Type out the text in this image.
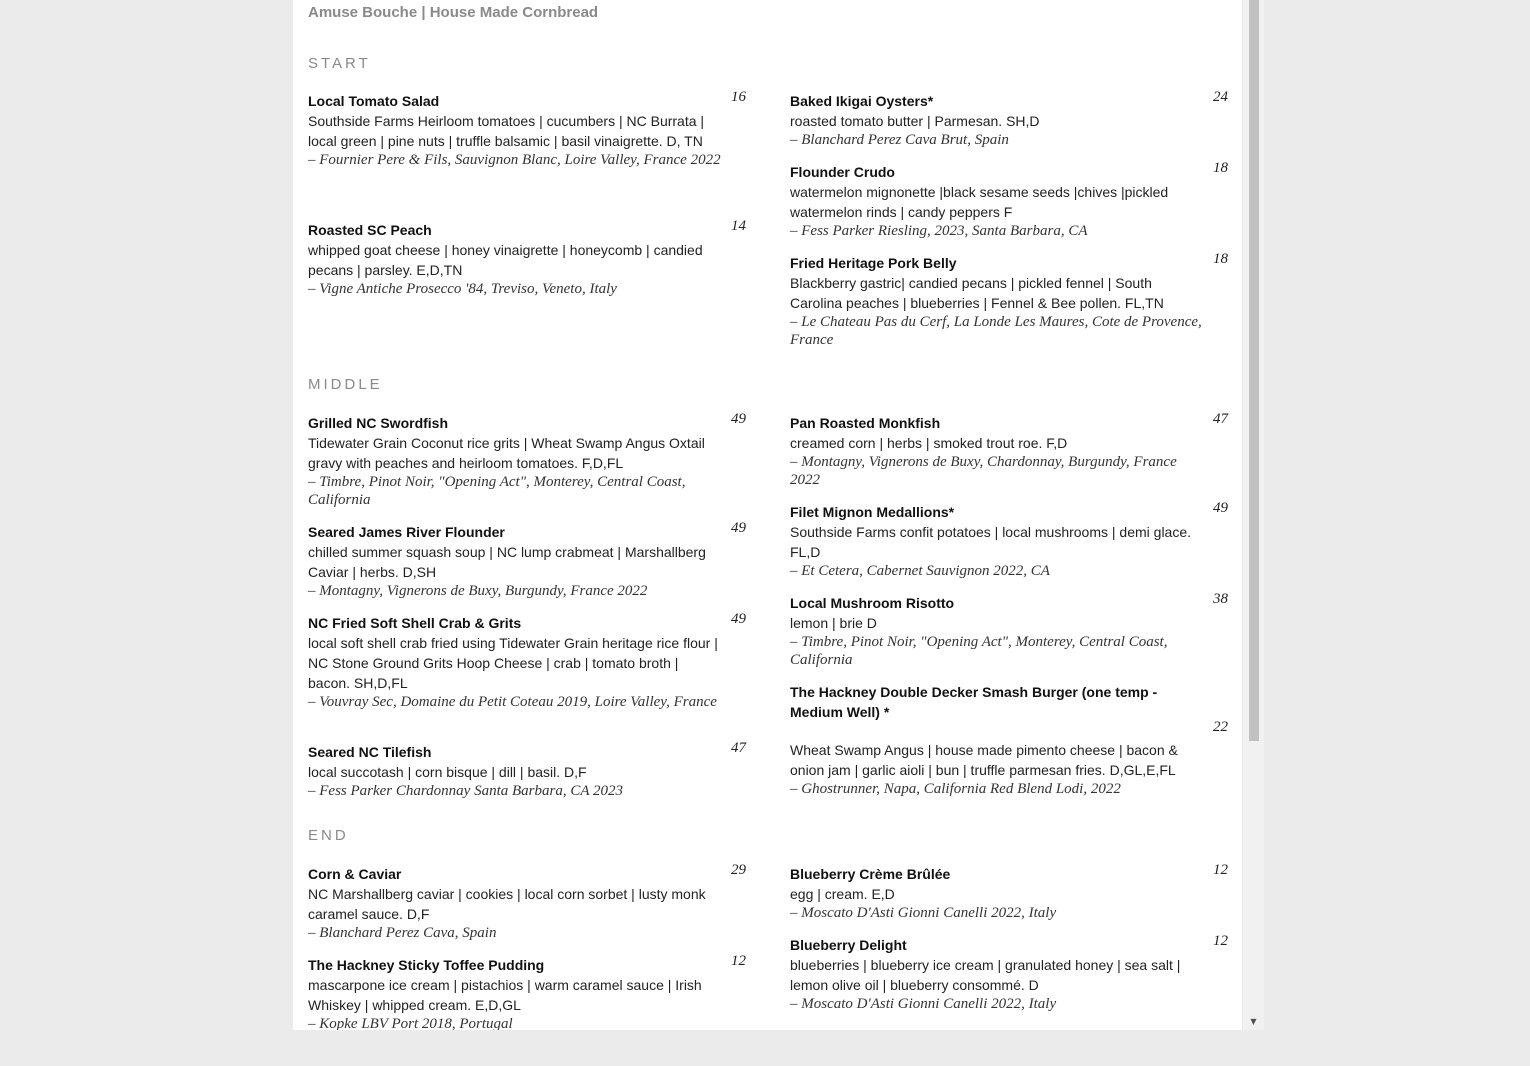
Amuse Bouche | House Made Cornbread
START
Local Tomato Salad
Southside Farms Heirloom tomatoes | cucumbers | NC Burrata | local green | pine nuts | truffle balsamic | basil vinaigrette. D, TN
– Fournier Pere & Fils, Sauvignon Blanc, Loire Valley, France 2022
16
Roasted SC Peach
whipped goat cheese | honey vinaigrette | honeycomb | candied pecans | parsley. E,D,TN
– Vigne Antiche Prosecco '84, Treviso, Veneto, Italy
14
Baked Ikigai Oysters*
roasted tomato butter | Parmesan. SH,D
– Blanchard Perez Cava Brut, Spain
24
Flounder Crudo
watermelon mignonette |black sesame seeds |chives |pickled watermelon rinds | candy peppers F
– Fess Parker Riesling, 2023, Santa Barbara, CA
18
Fried Heritage Pork Belly
Blackberry gastric| candied pecans | pickled fennel | South Carolina peaches | blueberries | Fennel & Bee pollen. FL,TN
– Le Chateau Pas du Cerf, La Londe Les Maures, Cote de Provence, France
18
MIDDLE
Grilled NC Swordfish
Tidewater Grain Coconut rice grits | Wheat Swamp Angus Oxtail gravy with peaches and heirloom tomatoes. F,D,FL
– Timbre, Pinot Noir, "Opening Act", Monterey, Central Coast, California
49
Seared James River Flounder
chilled summer squash soup | NC lump crabmeat | Marshallberg Caviar | herbs. D,SH
– Montagny, Vignerons de Buxy, Burgundy, France 2022
49
NC Fried Soft Shell Crab & Grits
local soft shell crab fried using Tidewater Grain heritage rice flour | NC Stone Ground Grits Hoop Cheese | crab | tomato broth | bacon. SH,D,FL
– Vouvray Sec, Domaine du Petit Coteau 2019, Loire Valley, France
49
Seared NC Tilefish
local succotash | corn bisque | dill | basil. D,F
– Fess Parker Chardonnay Santa Barbara, CA 2023
47
Pan Roasted Monkfish
creamed corn | herbs | smoked trout roe. F,D
– Montagny, Vignerons de Buxy, Chardonnay, Burgundy, France 2022
47
Filet Mignon Medallions*
Southside Farms confit potatoes | local mushrooms | demi glace. FL,D
– Et Cetera, Cabernet Sauvignon 2022, CA
49
Local Mushroom Risotto
lemon | brie D
– Timbre, Pinot Noir, "Opening Act", Monterey, Central Coast, California
38
The Hackney Double Decker Smash Burger (one temp - Medium Well) *
Wheat Swamp Angus | house made pimento cheese | bacon & onion jam | garlic aioli | bun | truffle parmesan fries. D,GL,E,FL
– Ghostrunner, Napa, California Red Blend Lodi, 2022
22
END
Corn & Caviar
NC Marshallberg caviar | cookies | local corn sorbet | lusty monk caramel sauce. D,F
– Blanchard Perez Cava, Spain
29
The Hackney Sticky Toffee Pudding
mascarpone ice cream | pistachios | warm caramel sauce | Irish Whiskey | whipped cream. E,D,GL
– Kopke LBV Port 2018, Portugal
12
Blueberry Crème Brûlée
egg | cream. E,D
– Moscato D'Asti Gionni Canelli 2022, Italy
12
Blueberry Delight
blueberries | blueberry ice cream | granulated honey | sea salt | lemon olive oil | blueberry consommé. D
– Moscato D'Asti Gionni Canelli 2022, Italy
12
▼
